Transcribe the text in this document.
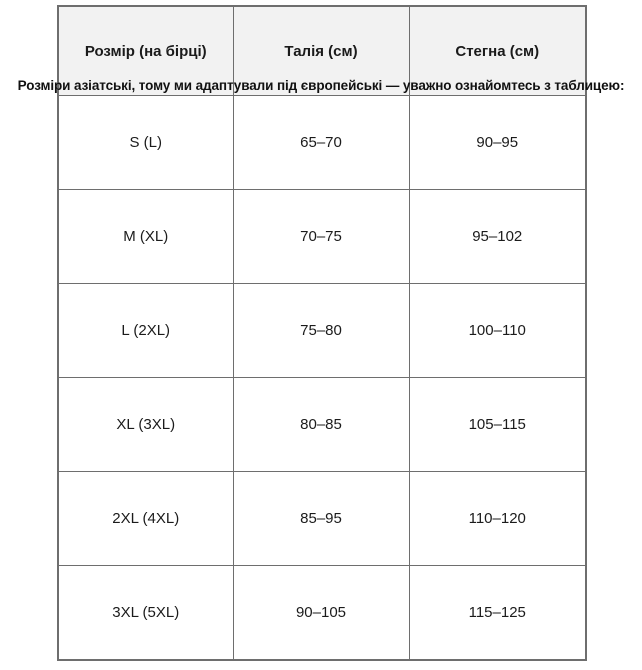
Розмір (на бірці)	Талія (см)	Стегна (см)
S (L)	65–70	90–95
M (XL)	70–75	95–102
L (2XL)	75–80	100–110
XL (3XL)	80–85	105–115
2XL (4XL)	85–95	110–120
3XL (5XL)	90–105	115–125
Розміри азіатські, тому ми адаптували під європейські — уважно ознайомтесь з таблицею:
